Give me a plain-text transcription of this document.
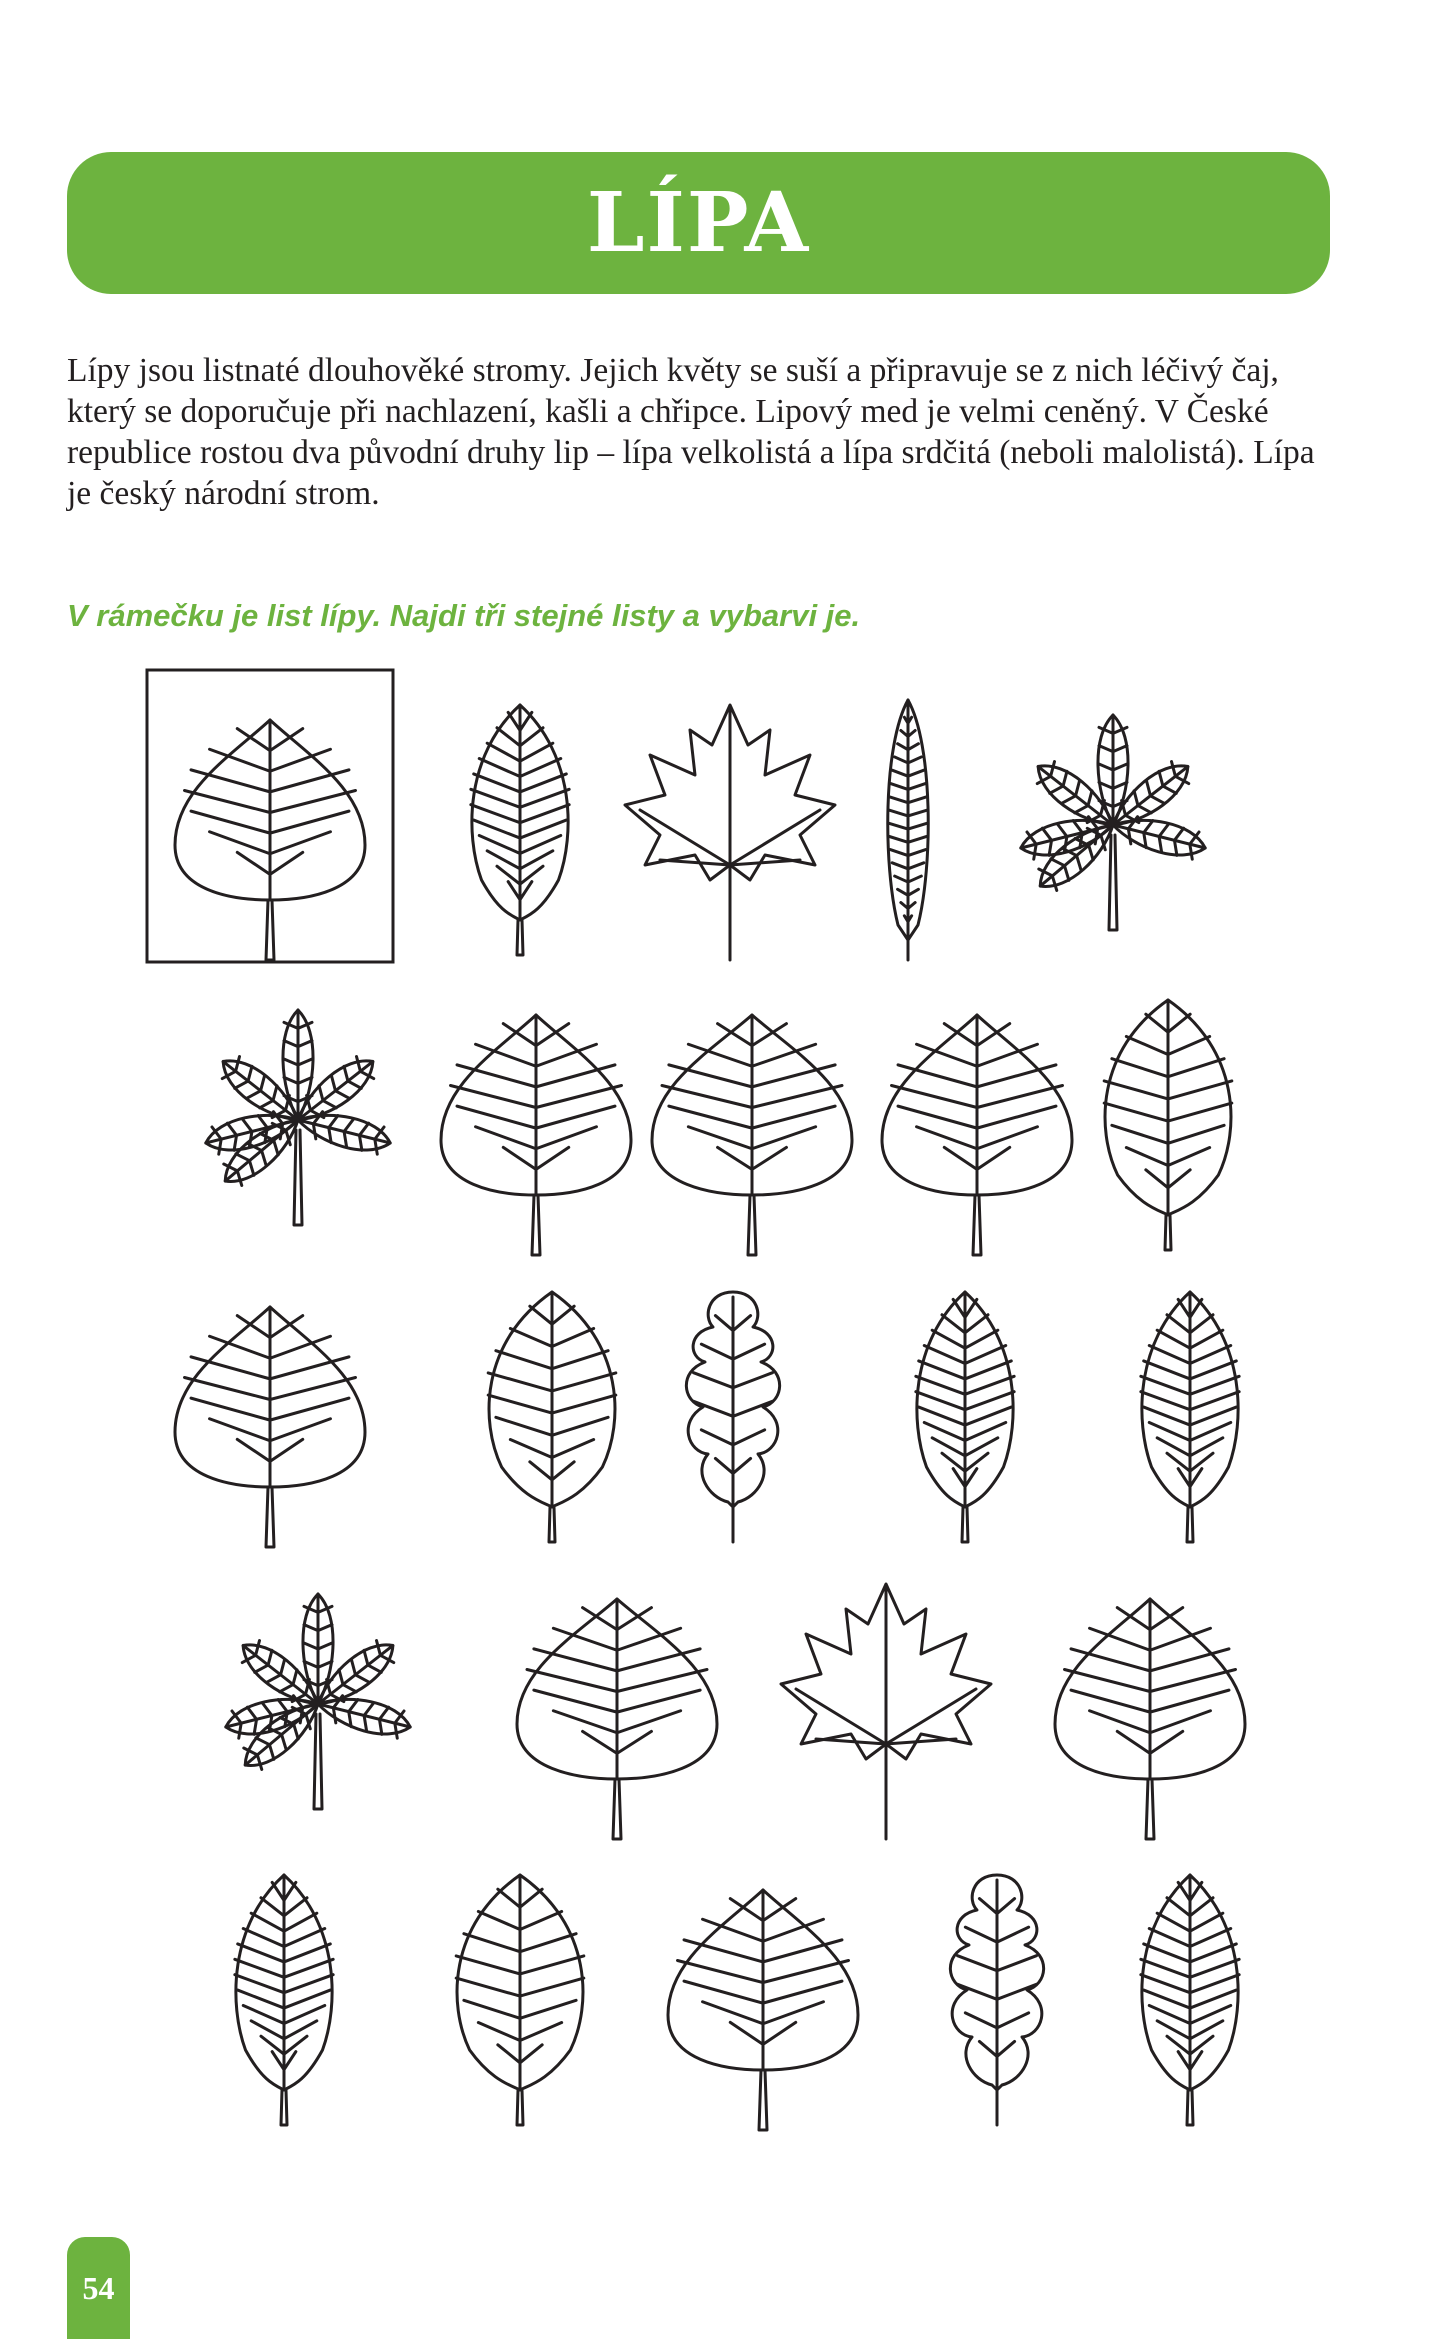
LÍPA

Lípy jsou listnaté dlouhověké stromy. Jejich květy se suší a připravuje se z nich léčivý čaj, který se doporučuje při nachlazení, kašli a chřipce. Lipový med je velmi ceněný. V České republice rostou dva původní druhy lip – lípa velkolistá a lípa srdčitá (neboli malolistá). Lípa je český národní strom.

V rámečku je list lípy. Najdi tři stejné listy a vybarvi je.

54
